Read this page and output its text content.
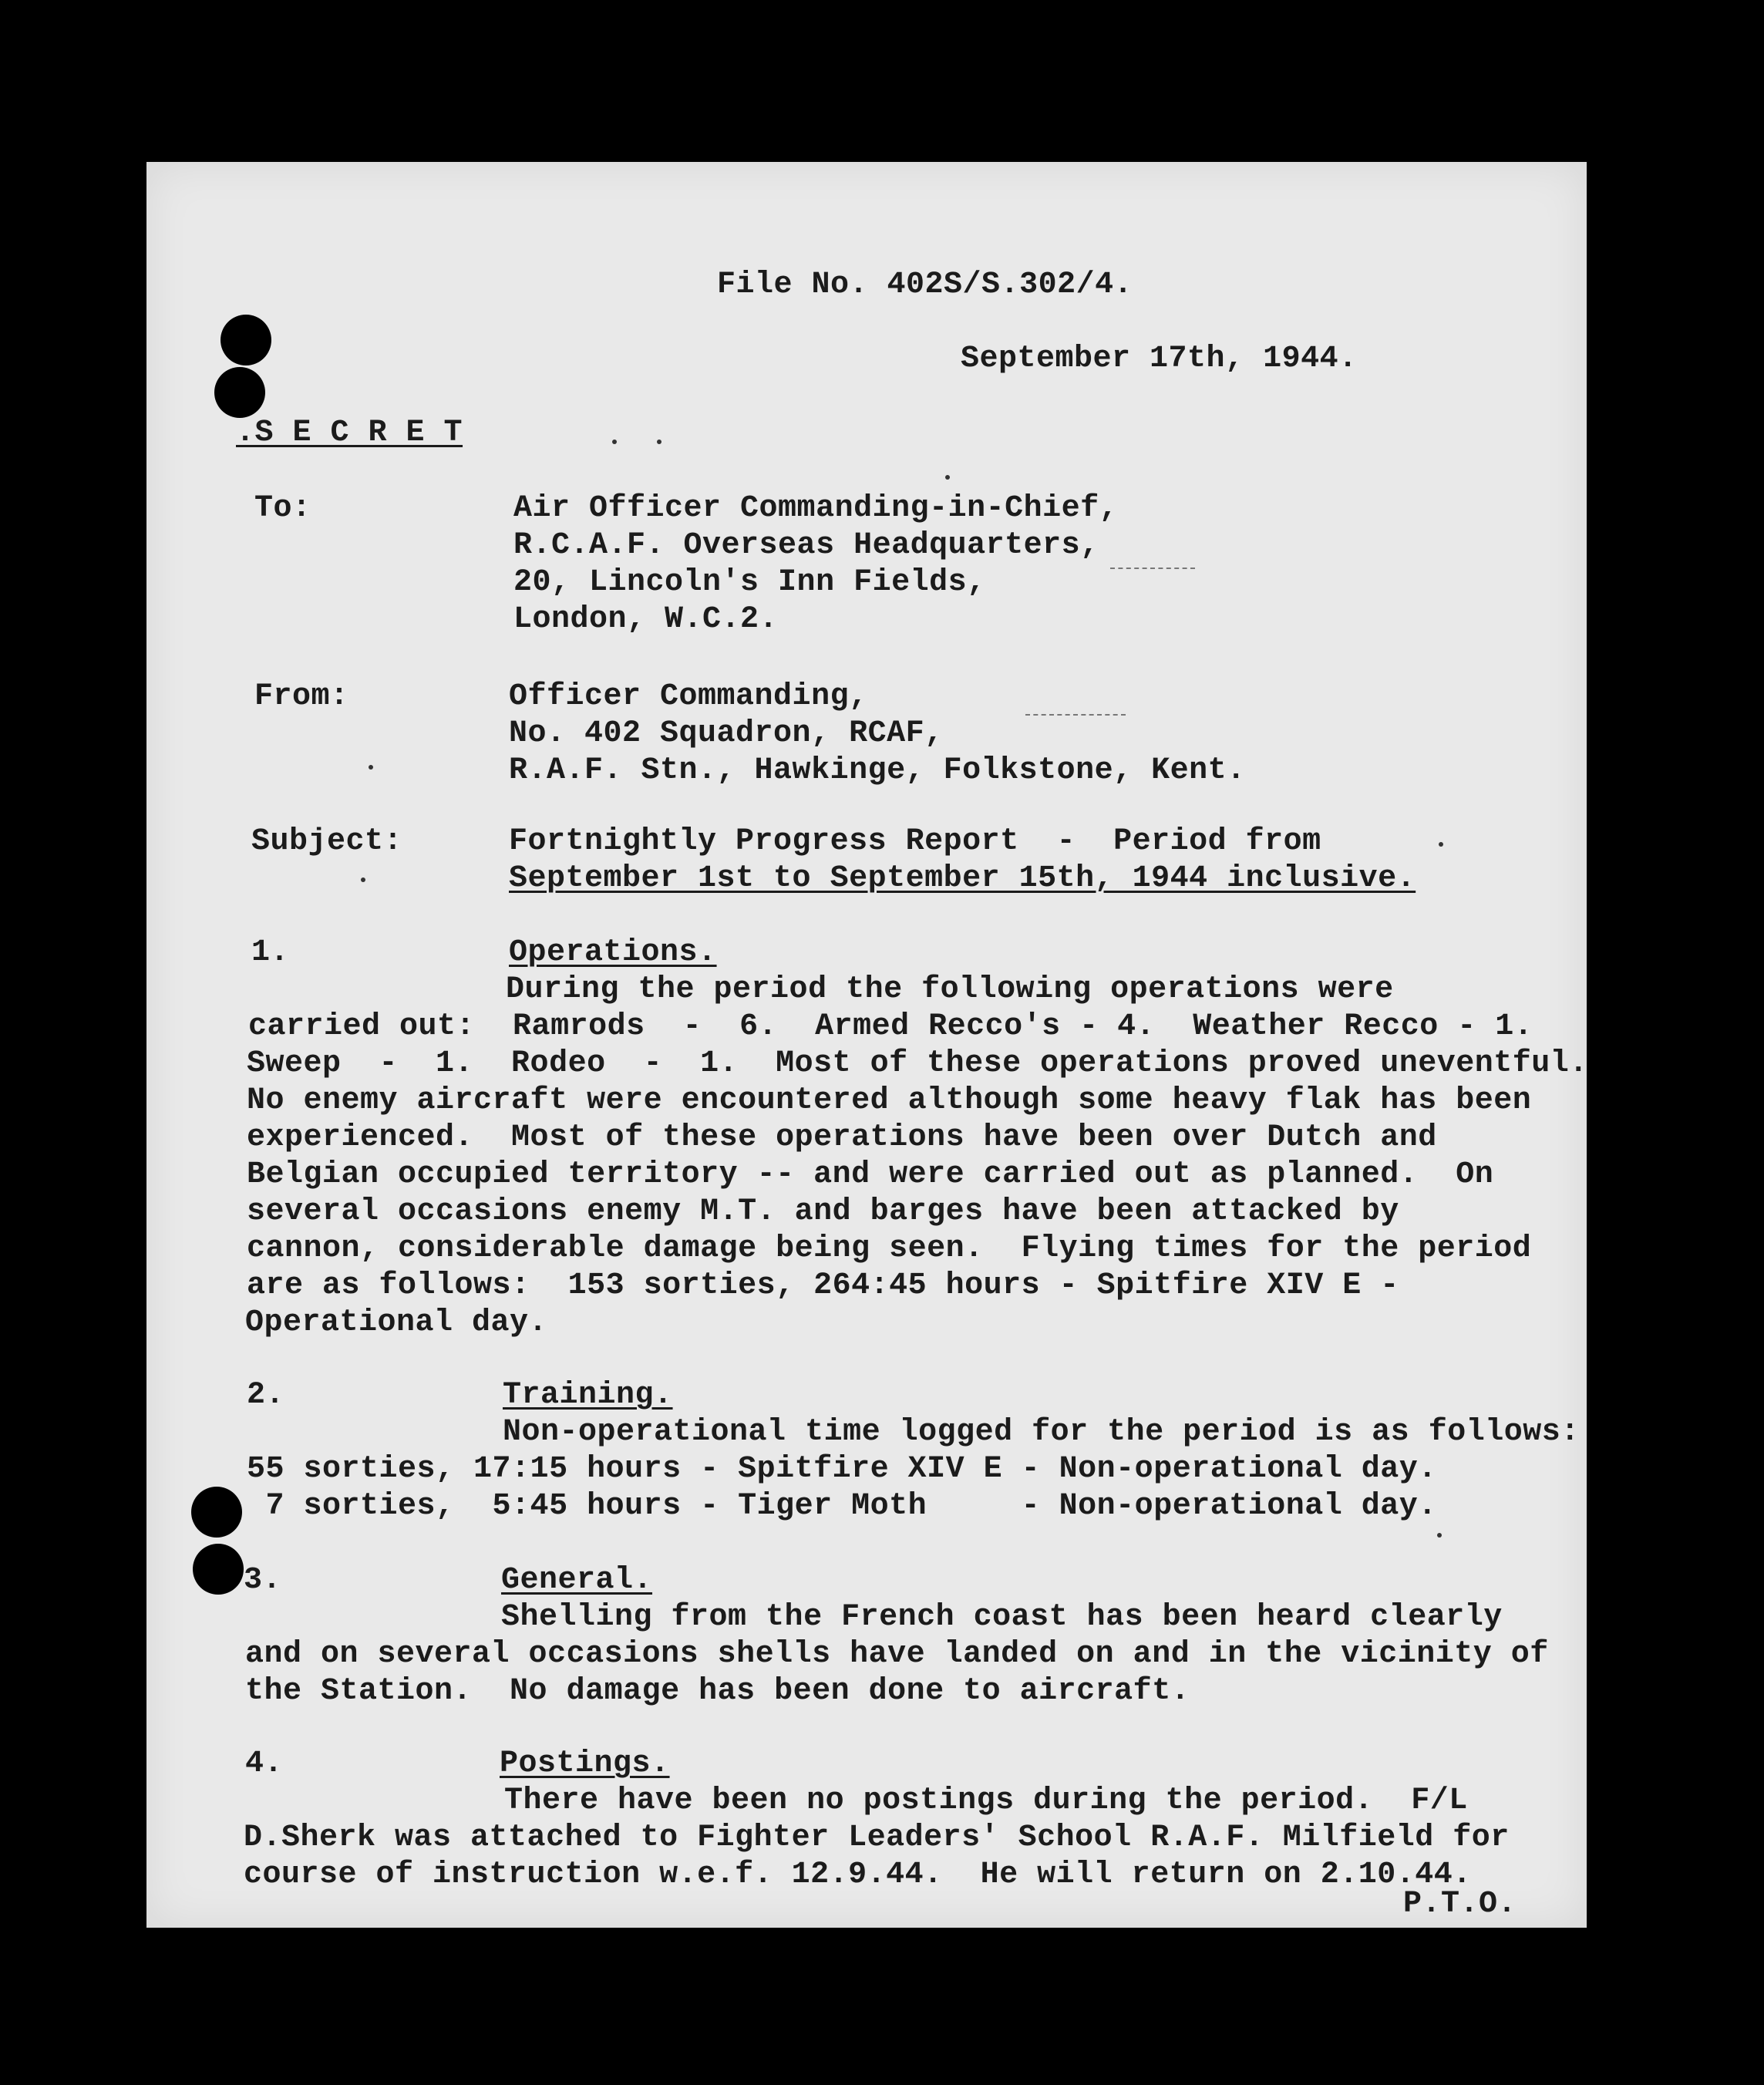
File No. 402S/S.302/4.
September 17th, 1944.
.S E C R E T
To:	Air Officer Commanding-in-Chief,
R.C.A.F. Overseas Headquarters,
20, Lincoln's Inn Fields,
London, W.C.2.
From:	Officer Commanding,
No. 402 Squadron, RCAF,
R.A.F. Stn., Hawkinge, Folkstone, Kent.
Subject:	Fortnightly Progress Report  -  Period from
September 1st to September 15th, 1944 inclusive.
1.	Operations.
During the period the following operations were
carried out:  Ramrods  -  6.  Armed Recco's - 4.  Weather Recco - 1.
Sweep  -  1.  Rodeo  -  1.  Most of these operations proved uneventful.
No enemy aircraft were encountered although some heavy flak has been
experienced.  Most of these operations have been over Dutch and
Belgian occupied territory -- and were carried out as planned.  On
several occasions enemy M.T. and barges have been attacked by
cannon, considerable damage being seen.  Flying times for the period
are as follows:  153 sorties, 264:45 hours - Spitfire XIV E -
Operational day.
2.	Training.
Non-operational time logged for the period is as follows:
55 sorties, 17:15 hours - Spitfire XIV E - Non-operational day.
7 sorties,  5:45 hours - Tiger Moth     - Non-operational day.
3.	General.
Shelling from the French coast has been heard clearly
and on several occasions shells have landed on and in the vicinity of
the Station.  No damage has been done to aircraft.
4.	Postings.
There have been no postings during the period.  F/L
D.Sherk was attached to Fighter Leaders' School R.A.F. Milfield for
course of instruction w.e.f. 12.9.44.  He will return on 2.10.44.
P.T.O.
